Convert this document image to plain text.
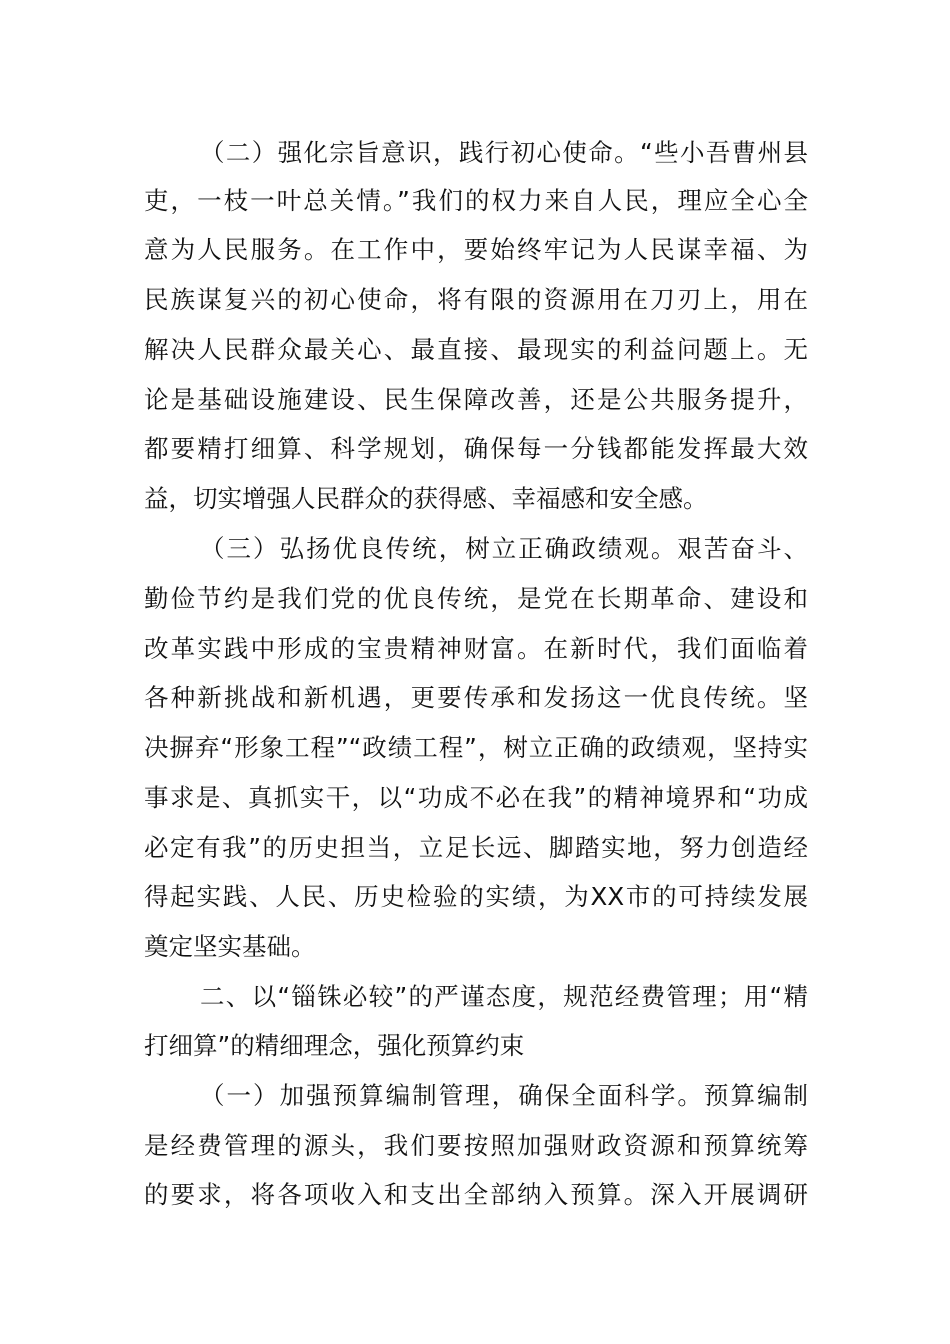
（二）强化宗旨意识，践行初心使命。“些小吾曹州县

吏，一枝一叶总关情。”我们的权力来自人民，理应全心全

意为人民服务。在工作中，要始终牢记为人民谋幸福、为

民族谋复兴的初心使命，将有限的资源用在刀刃上，用在

解决人民群众最关心、最直接、最现实的利益问题上。无

论是基础设施建设、民生保障改善，还是公共服务提升，

都要精打细算、科学规划，确保每一分钱都能发挥最大效

益，切实增强人民群众的获得感、幸福感和安全感。

（三）弘扬优良传统，树立正确政绩观。艰苦奋斗、

勤俭节约是我们党的优良传统，是党在长期革命、建设和

改革实践中形成的宝贵精神财富。在新时代，我们面临着

各种新挑战和新机遇，更要传承和发扬这一优良传统。坚

决摒弃“形象工程”“政绩工程”，树立正确的政绩观，坚持实

事求是、真抓实干，以“功成不必在我”的精神境界和“功成

必定有我”的历史担当，立足长远、脚踏实地，努力创造经

得起实践、人民、历史检验的实绩，为XX市的可持续发展

奠定坚实基础。

二、以“锱铢必较”的严谨态度，规范经费管理；用“精

打细算”的精细理念，强化预算约束

（一）加强预算编制管理，确保全面科学。预算编制

是经费管理的源头，我们要按照加强财政资源和预算统筹

的要求，将各项收入和支出全部纳入预算。深入开展调研
